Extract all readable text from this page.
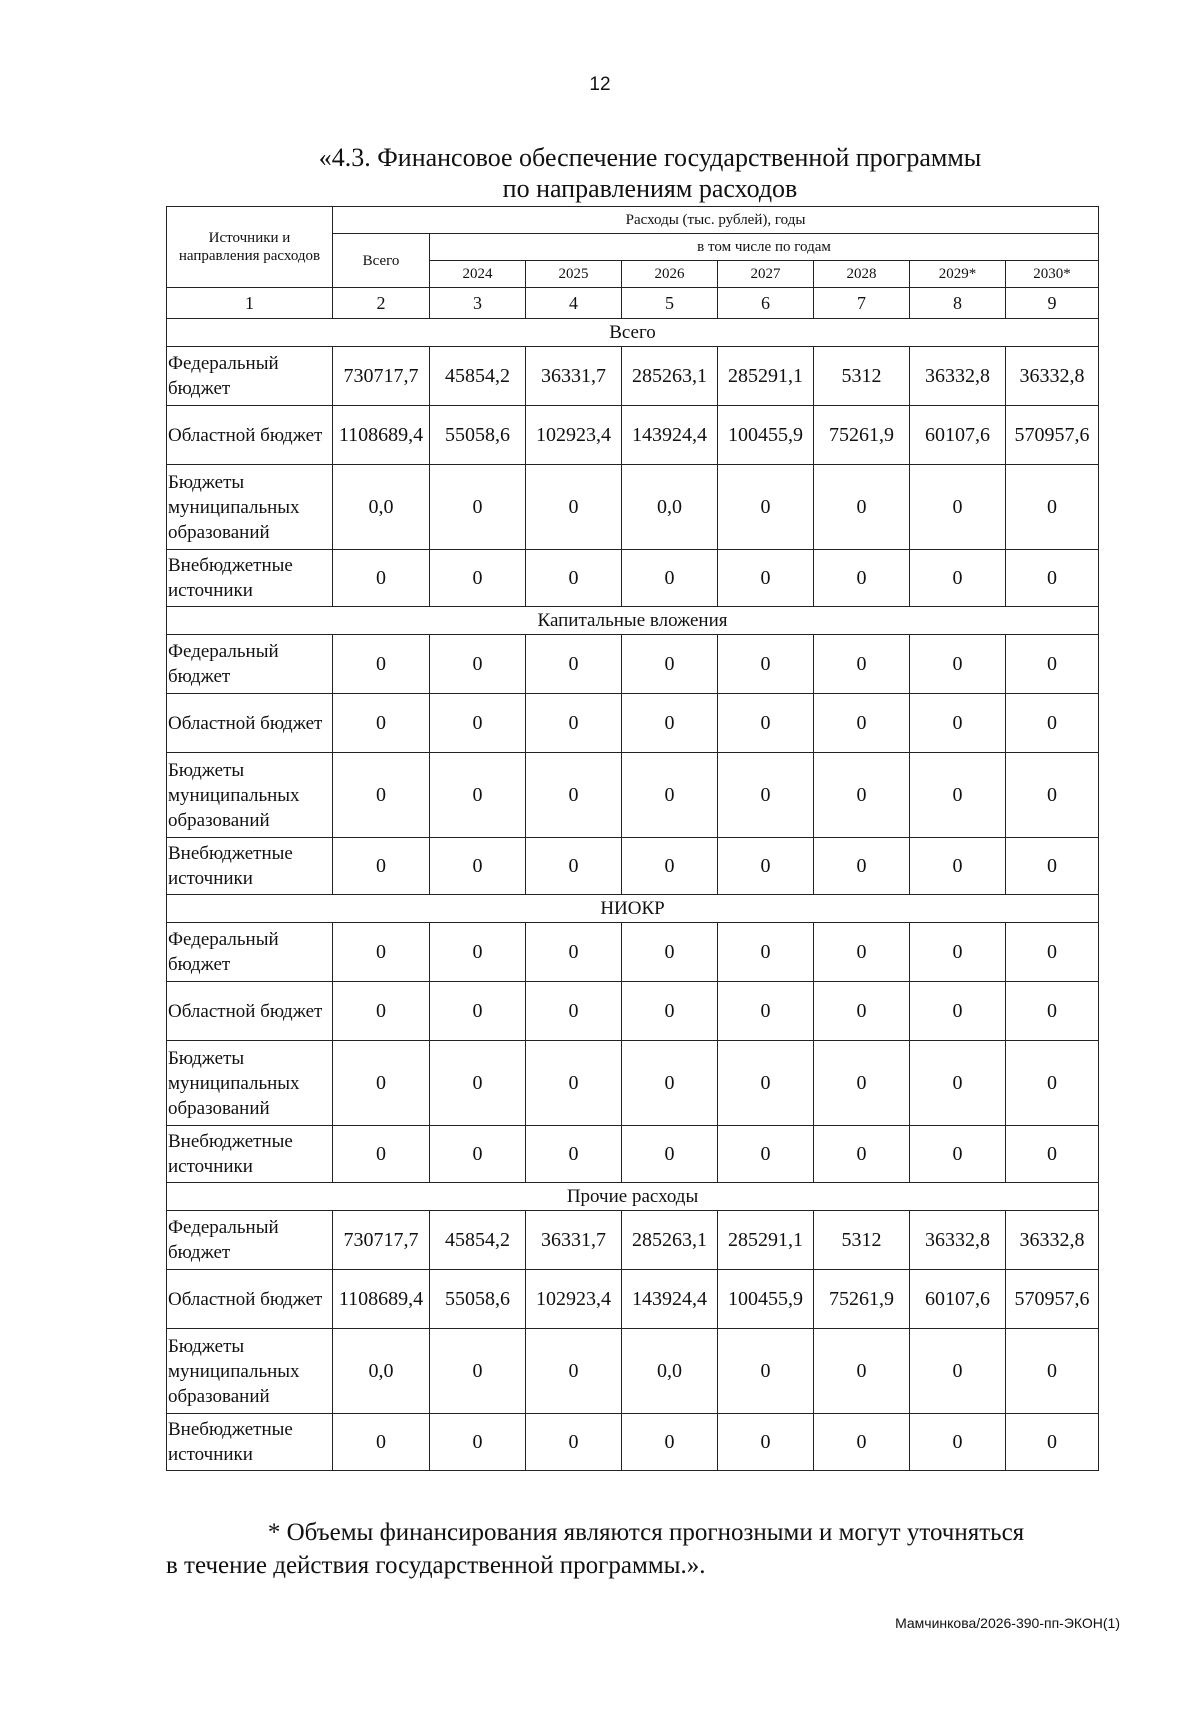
12
«4.3. Финансовое обеспечение государственной программы
по направлениям расходов
Источники и направления расходов	Расходы (тыс. рублей), годы							
	Всего	в том числе по годам						
		2024	2025	2026	2027	2028	2029*	2030*
1	2	3	4	5	6	7	8	9
Всего								
Федеральный бюджет	730717,7	45854,2	36331,7	285263,1	285291,1	5312	36332,8	36332,8
Областной бюджет	1108689,4	55058,6	102923,4	143924,4	100455,9	75261,9	60107,6	570957,6
Бюджеты муниципальных образований	0,0	0	0	0,0	0	0	0	0
Внебюджетные источники	0	0	0	0	0	0	0	0
Капитальные вложения								
Федеральный бюджет	0	0	0	0	0	0	0	0
Областной бюджет	0	0	0	0	0	0	0	0
Бюджеты муниципальных образований	0	0	0	0	0	0	0	0
Внебюджетные источники	0	0	0	0	0	0	0	0
НИОКР								
Федеральный бюджет	0	0	0	0	0	0	0	0
Областной бюджет	0	0	0	0	0	0	0	0
Бюджеты муниципальных образований	0	0	0	0	0	0	0	0
Внебюджетные источники	0	0	0	0	0	0	0	0
Прочие расходы								
Федеральный бюджет	730717,7	45854,2	36331,7	285263,1	285291,1	5312	36332,8	36332,8
Областной бюджет	1108689,4	55058,6	102923,4	143924,4	100455,9	75261,9	60107,6	570957,6
Бюджеты муниципальных образований	0,0	0	0	0,0	0	0	0	0
Внебюджетные источники	0	0	0	0	0	0	0	0
* Объемы финансирования являются прогнозными и могут уточняться
в течение действия государственной программы.».
Мамчинкова/2026-390-пп-ЭКОН(1)
